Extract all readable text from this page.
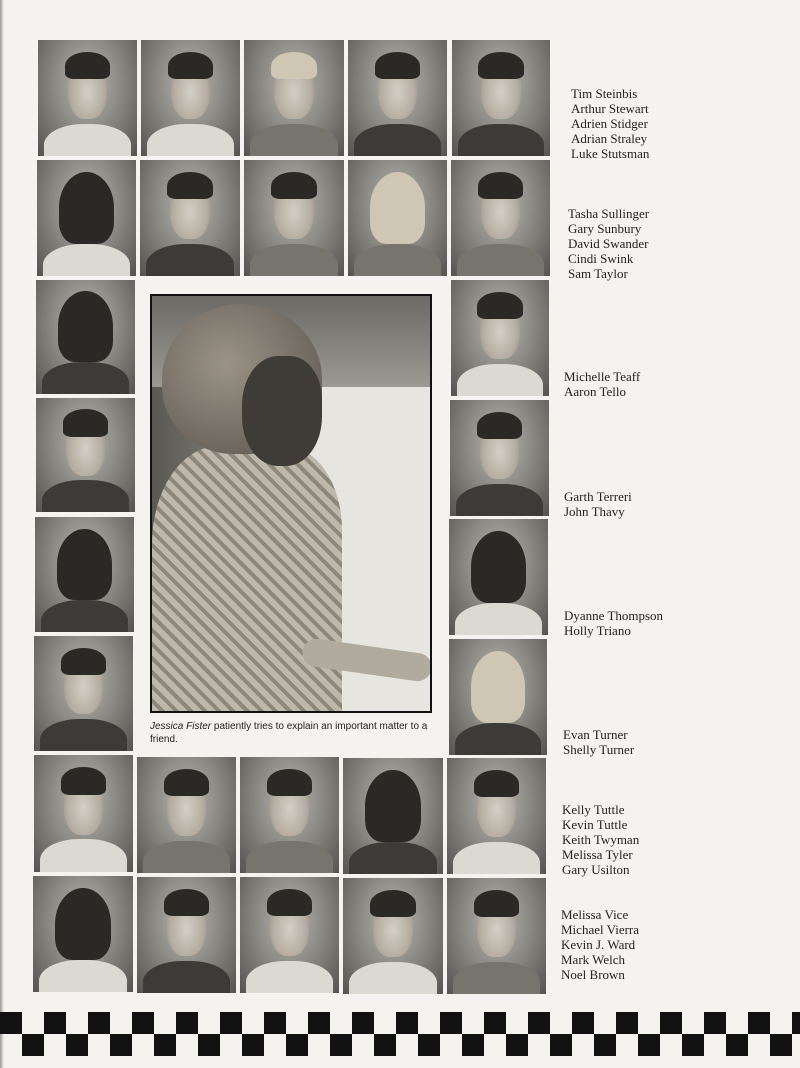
Jessica Fister patiently tries to explain an important matter to a friend.
Tim Steinbis
Arthur Stewart
Adrien Stidger
Adrian Straley
Luke Stutsman
Tasha Sullinger
Gary Sunbury
David Swander
Cindi Swink
Sam Taylor
Michelle Teaff
Aaron Tello
Garth Terreri
John Thavy
Dyanne Thompson
Holly Triano
Evan Turner
Shelly Turner
Kelly Tuttle
Kevin Tuttle
Keith Twyman
Melissa Tyler
Gary Usilton
Melissa Vice
Michael Vierra
Kevin J. Ward
Mark Welch
Noel Brown
